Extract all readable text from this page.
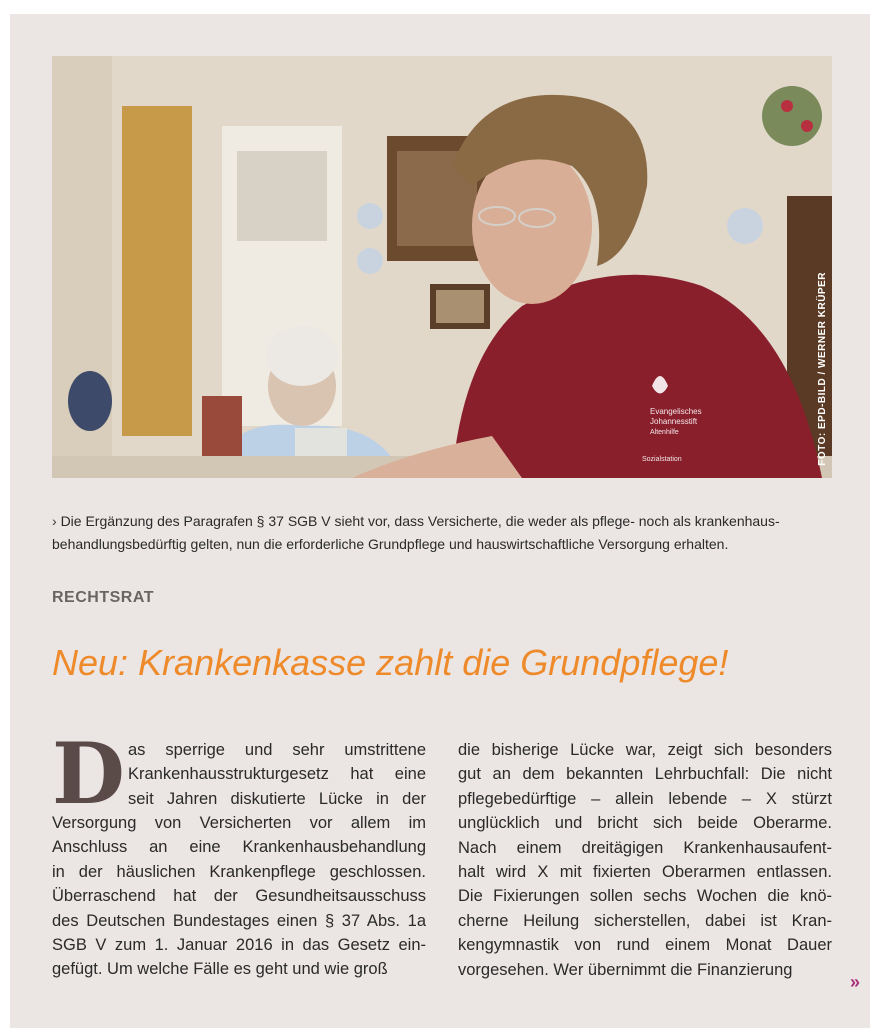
Evangelisches
Johannesstift
Altenhilfe
Sozialstation	FOTO: EPD-BILD / WERNER KRÜPER
› Die Ergänzung des Paragrafen § 37 SGB V sieht vor, dass Versicherte, die weder als pflege- noch als krankenhaus-
behandlungsbedürftig gelten, nun die erforderliche Grundpflege und hauswirtschaftliche Versorgung erhalten.
RECHTSRAT
Neu: Krankenkasse zahlt die Grundpflege!
D as sperrige und sehr umstrittene
Krankenhausstrukturgesetz hat eine
seit Jahren diskutierte Lücke in der
Versorgung von Versicherten vor allem im
Anschluss an eine Krankenhausbehandlung
in der häuslichen Krankenpflege geschlossen.
Überraschend hat der Gesundheitsausschuss
des Deutschen Bundestages einen § 37 Abs. 1a
SGB V zum 1. Januar 2016 in das Gesetz ein-
gefügt. Um welche Fälle es geht und wie groß
die bisherige Lücke war, zeigt sich besonders
gut an dem bekannten Lehrbuchfall: Die nicht
pflegebedürftige – allein lebende – X stürzt
unglücklich und bricht sich beide Oberarme.
Nach einem dreitägigen Krankenhausaufent-
halt wird X mit fixierten Oberarmen entlassen.
Die Fixierungen sollen sechs Wochen die knö-
cherne Heilung sicherstellen, dabei ist Kran-
kengymnastik von rund einem Monat Dauer
vorgesehen. Wer übernimmt die Finanzierung
»
